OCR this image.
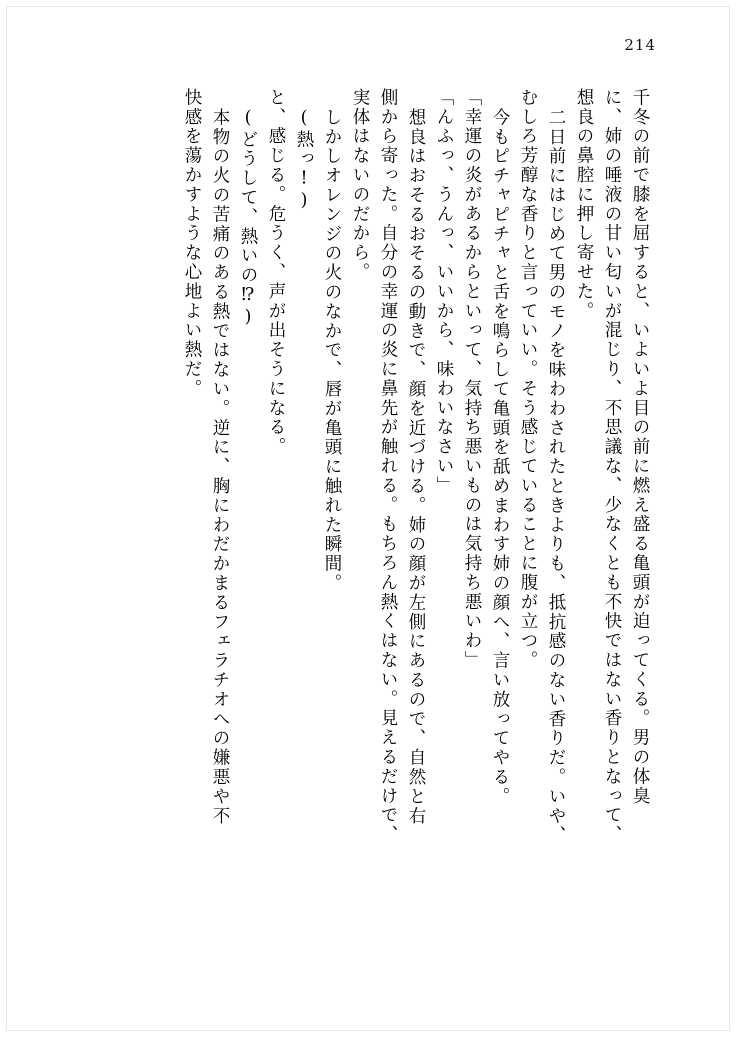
214
千冬の前で膝を屈すると、いよいよ目の前に燃え盛る亀頭が迫ってくる。男の体臭
に、姉の唾液の甘い匂いが混じり、不思議な、少なくとも不快ではない香りとなって、
想良の鼻腔に押し寄せた。
二日前にはじめて男のモノを味わわされたときよりも、抵抗感のない香りだ。いや、
むしろ芳醇な香りと言っていい。そう感じていることに腹が立つ。
今もピチャピチャと舌を鳴らして亀頭を舐めまわす姉の顔へ、言い放ってやる。
「幸運の炎があるからといって、気持ち悪いものは気持ち悪いわ」
「んふっ、うんっ、いいから、味わいなさい」
想良はおそるおそるの動きで、顔を近づける。姉の顔が左側にあるので、自然と右
側から寄った。自分の幸運の炎に鼻先が触れる。もちろん熱くはない。見えるだけで、
実体はないのだから。
しかしオレンジの火のなかで、唇が亀頭に触れた瞬間。
(熱っ!)
と、感じる。危うく、声が出そうになる。
(どうして、熱いの⁉)
本物の火の苦痛のある熱ではない。逆に、胸にわだかまるフェラチオへの嫌悪や不
快感を蕩かすような心地よい熱だ。
